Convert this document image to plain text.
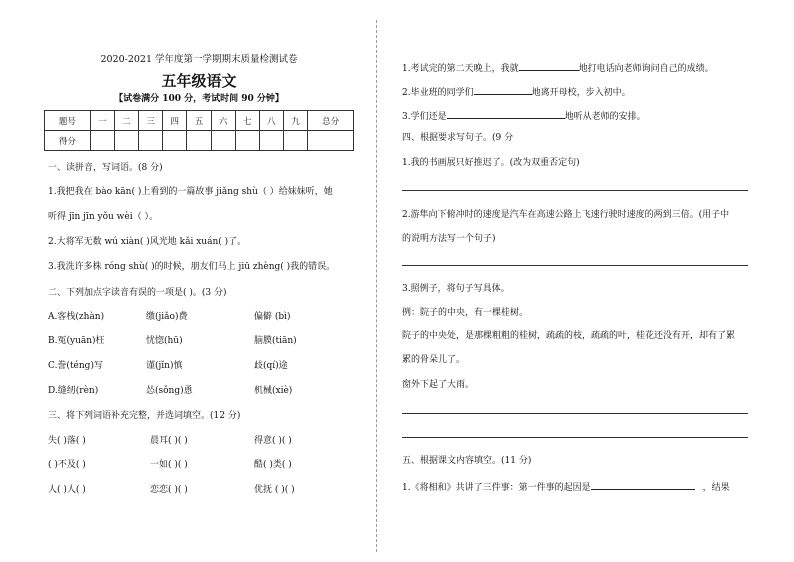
2020-2021 学年度第一学期期末质量检测试卷
五年级语文
【试卷满分 100 分，考试时间 90 分钟】
题号	一	二	三	四	五	六	七	八	九	总分
得分										
一、读拼音，写词语。(8 分)
1.我把我在 bào kān( )上看到的一篇故事 jiǎng shù（ ）给妹妹听，她
听得 jīn jīn yǒu wèi（ ）。
2.大将军无数 wú xiàn( )风光地 kǎi xuán( )了。
3.我洗许多株 róng shù( )的时候，朋友们马上 jiū zhèng( )我的错误。
二、下列加点字读音有误的一项是( )。(3 分)
A.客栈(zhàn)	缴(jiǎo)费	偏僻 (bì)
B.冤(yuān)枉	忧惚(hū)	脑膜(tiān)
C.誊(téng)写	谨(jǐn)慎	歧(qí)途
D.缝纫(rèn)	怂(sǒng)恿	机械(xiè)
三、将下列词语补充完整，并选词填空。(12 分)
失( )落( )	晨耳( )( )	得意( )( )
( )不及( )	一如( )( )	酷( )类( )
人( )人( )	恋恋( )( )	优抚 ( )( )
1.考试完的第二天晚上，我就	地打电话向老师询问自己的成绩。
2.毕业班的同学们	地离开母校，步入初中。
3.学们还是	地听从老师的安排。
四、根据要求写句子。(9 分
1.我的书画展只好推迟了。(改为双重否定句)
2.游隼向下俯冲时的速度是汽车在高速公路上飞速行驶时速度的两到三倍。(用子中
的说明方法写一个句子)
3.照例子，将句子写具体。
例：院子的中央，有一棵桂树。
院子的中央处，是那棵粗粗的桂树，疏疏的枝，疏疏的叶，桂花还没有开，却有了累
累的骨朵儿了。
窗外下起了大雨。
五、根据课文内容填空。(11 分)
1.《将相和》共讲了三件事：第一件事的起因是	，结果
